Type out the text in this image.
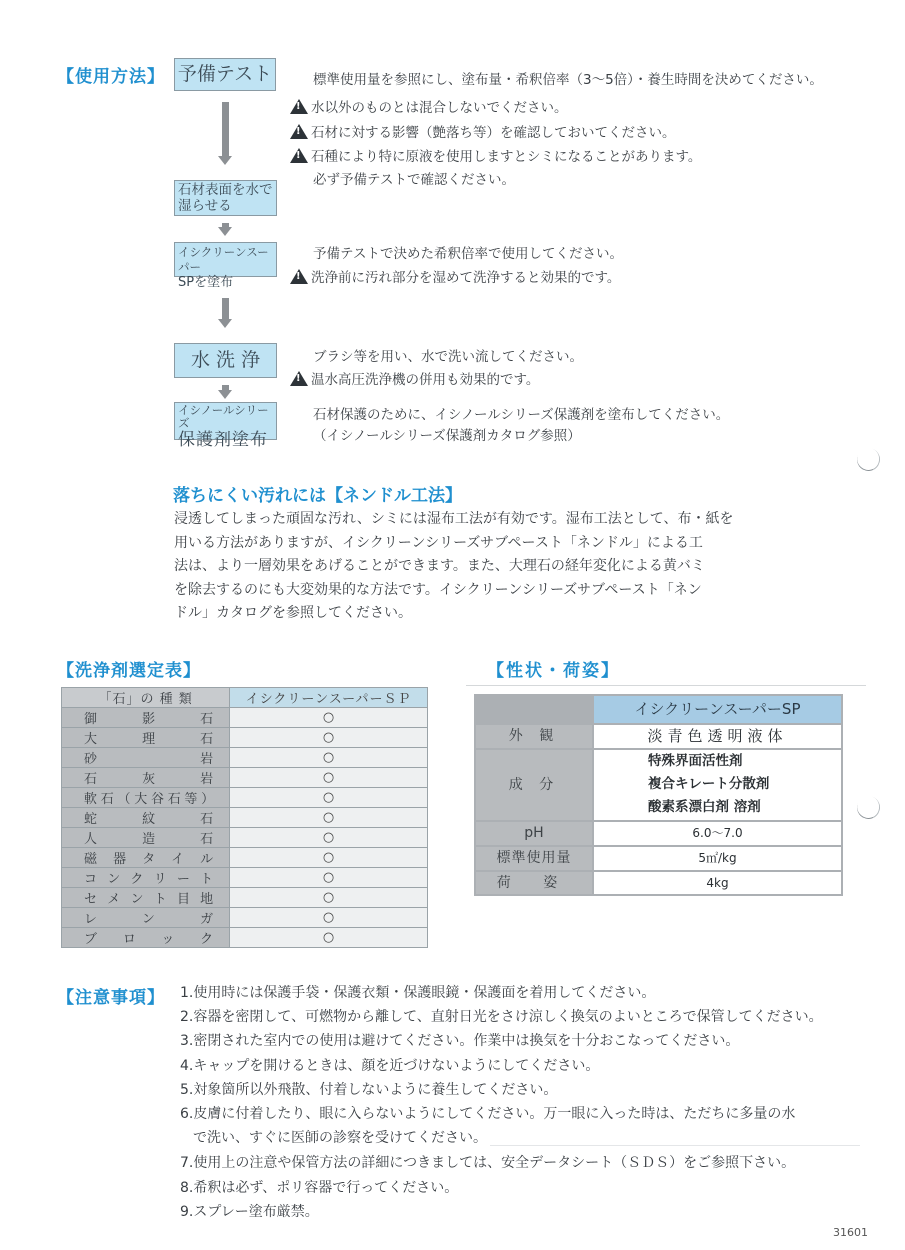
【使用方法】 予備テスト
石材表面を水で
湿らせる
イシクリーンスーパー
SPを塗布
水 洗 浄
イシノールシリーズ
保護剤塗布
標準使用量を参照にし、塗布量・希釈倍率（3〜5倍）・養生時間を決めてください。
!水以外のものとは混合しないでください。
!石材に対する影響（艶落ち等）を確認しておいてください。
!石種により特に原液を使用しますとシミになることがあります。
必ず予備テストで確認ください。
予備テストで決めた希釈倍率で使用してください。
!洗浄前に汚れ部分を湿めて洗浄すると効果的です。
ブラシ等を用い、水で洗い流してください。
!温水高圧洗浄機の併用も効果的です。
石材保護のために、イシノールシリーズ保護剤を塗布してください。
（イシノールシリーズ保護剤カタログ参照）
落ちにくい汚れには【ネンドル工法】
浸透してしまった頑固な汚れ、シミには湿布工法が有効です。湿布工法として、布・紙を
用いる方法がありますが、イシクリーンシリーズサブペースト「ネンドル」による工
法は、より一層効果をあげることができます。また、大理石の経年変化による黄バミ
を除去するのにも大変効果的な方法です。イシクリーンシリーズサブペースト「ネン
ドル」カタログを参照してください。
【洗浄剤選定表】
「石」の 種 類	イシクリーンスーパーＳＰ
御影石	○
大理石	○
砂岩	○
石灰岩	○
軟石（大谷石等）	○
蛇紋石	○
人造石	○
磁器タイル	○
コンクリート	○
セメント目地	○
レンガ	○
ブロック	○
【性状・荷姿】
イシクリーンスーパーSP
外 観	淡青色透明液体
成 分
特殊界面活性剤
複合キレート分散剤
酸素系漂白剤 溶剤
pH	6.0〜7.0
標準使用量	5㎡/kg
荷 姿	4kg
【注意事項】 1.使用時には保護手袋・保護衣類・保護眼鏡・保護面を着用してください。
2.容器を密閉して、可燃物から離して、直射日光をさけ涼しく換気のよいところで保管してください。
3.密閉された室内での使用は避けてください。作業中は換気を十分おこなってください。
4.キャップを開けるときは、顔を近づけないようにしてください。
5.対象箇所以外飛散、付着しないように養生してください。
6.皮膚に付着したり、眼に入らないようにしてください。万一眼に入った時は、ただちに多量の水
で洗い、すぐに医師の診察を受けてください。
7.使用上の注意や保管方法の詳細につきましては、安全データシート（ＳＤＳ）をご参照下さい。
8.希釈は必ず、ポリ容器で行ってください。
9.スプレー塗布厳禁。
31601
